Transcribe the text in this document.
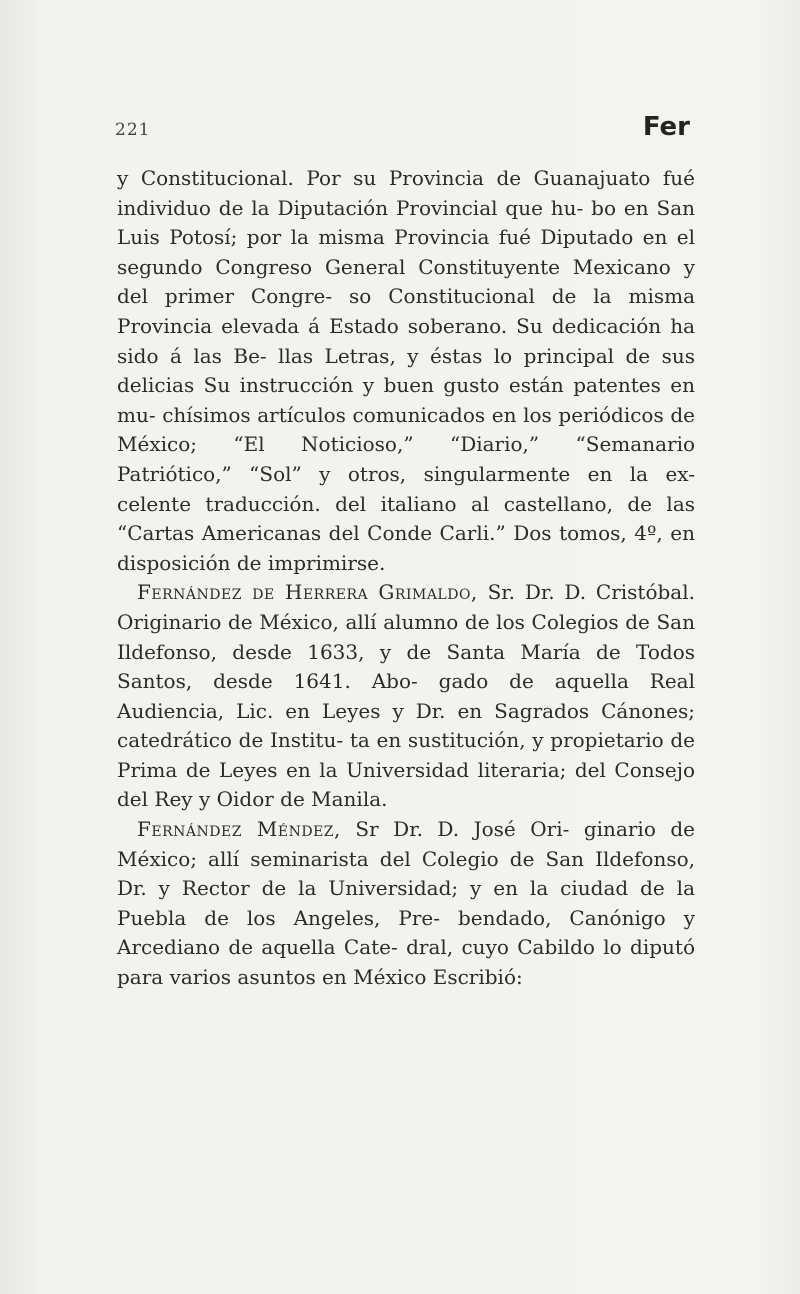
221	Fer

y Constitucional. Por su Provincia de Guanajuato fué individuo de la Diputación Provincial que hu- bo en San Luis Potosí; por la misma Provincia fué Diputado en el segundo Congreso General Constituyente Mexicano y del primer Congre- so Constitucional de la misma Provincia elevada á Estado soberano. Su dedicación ha sido á las Be- llas Letras, y éstas lo principal de sus delicias Su instrucción y buen gusto están patentes en mu- chísimos artículos comunicados en los periódicos de México; “El Noticioso,” “Diario,” “Semanario Patriótico,” “Sol” y otros, singularmente en la ex- celente traducción. del italiano al castellano, de las “Cartas Americanas del Conde Carli.” Dos tomos, 4º, en disposición de imprimirse.

Fernández de Herrera Grimaldo, Sr. Dr. D. Cristóbal. Originario de México, allí alumno de los Colegios de San Ildefonso, desde 1633, y de Santa María de Todos Santos, desde 1641. Abo- gado de aquella Real Audiencia, Lic. en Leyes y Dr. en Sagrados Cánones; catedrático de Institu- ta en sustitución, y propietario de Prima de Leyes en la Universidad literaria; del Consejo del Rey y Oidor de Manila.

Fernández Méndez, Sr Dr. D. José Ori- ginario de México; allí seminarista del Colegio de San Ildefonso, Dr. y Rector de la Universidad; y en la ciudad de la Puebla de los Angeles, Pre- bendado, Canónigo y Arcediano de aquella Cate- dral, cuyo Cabildo lo diputó para varios asuntos en México Escribió:
